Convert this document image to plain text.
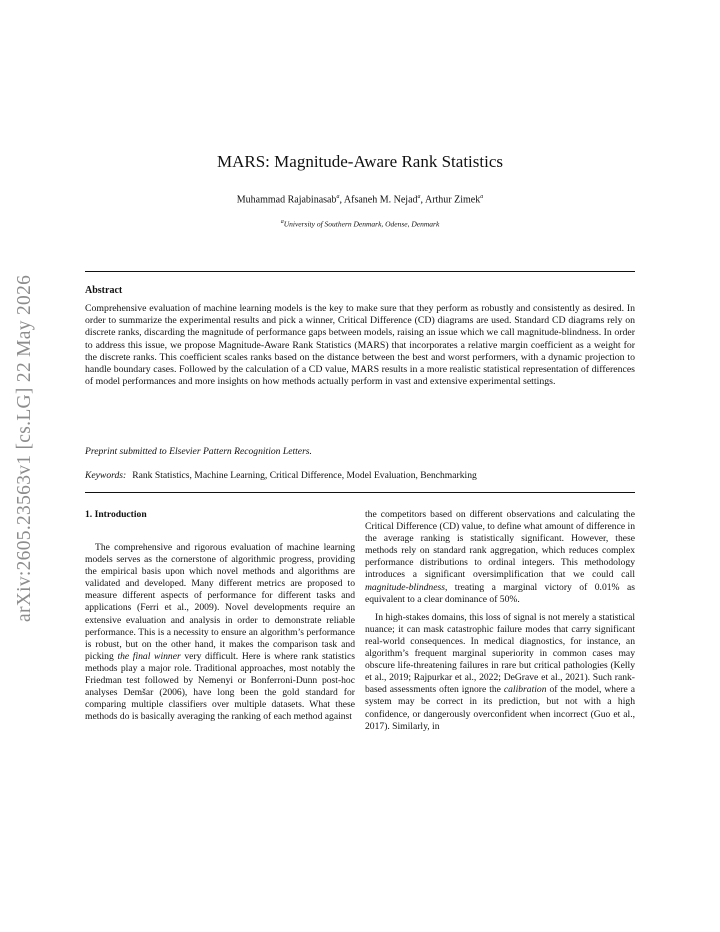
arXiv:2605.23563v1 [cs.LG] 22 May 2026
MARS: Magnitude-Aware Rank Statistics
Muhammad Rajabinasab$^a$, Afsaneh M. Nejad$^a$, Arthur Zimek$^a$
$^a$University of Southern Denmark, Odense, Denmark
Abstract
Comprehensive evaluation of machine learning models is the key to make sure that they perform as robustly and consistently as desired. In order to summarize the experimental results and pick a winner, Critical Difference (CD) diagrams are used. Standard CD diagrams rely on discrete ranks, discarding the magnitude of performance gaps between models, raising an issue which we call magnitude-blindness. In order to address this issue, we propose Magnitude-Aware Rank Statistics (MARS) that incorporates a relative margin coefficient as a weight for the discrete ranks. This coefficient scales ranks based on the distance between the best and worst performers, with a dynamic projection to handle boundary cases. Followed by the calculation of a CD value, MARS results in a more realistic statistical representation of differences of model performances and more insights on how methods actually perform in vast and extensive experimental settings.
Preprint submitted to Elsevier Pattern Recognition Letters.
Keywords: Rank Statistics, Machine Learning, Critical Difference, Model Evaluation, Benchmarking
1. Introduction

The comprehensive and rigorous evaluation of machine learning models serves as the cornerstone of algorithmic progress, providing the empirical basis upon which novel methods and algorithms are validated and developed. Many different metrics are proposed to measure different aspects of performance for different tasks and applications (Ferri et al., 2009). Novel developments require an extensive evaluation and analysis in order to demonstrate reliable performance. This is a necessity to ensure an algorithm’s performance is robust, but on the other hand, it makes the comparison task and picking the final winner very difficult. Here is where rank statistics methods play a major role. Traditional approaches, most notably the Friedman test followed by Nemenyi or Bonferroni-Dunn post-hoc analyses Demšar (2006), have long been the gold standard for comparing multiple classifiers over multiple datasets. What these methods do is basically averaging the ranking of each method against

the competitors based on different observations and calculating the Critical Difference (CD) value, to define what amount of difference in the average ranking is statistically significant. However, these methods rely on standard rank aggregation, which reduces complex performance distributions to ordinal integers. This methodology introduces a significant oversimplification that we could call magnitude-blindness, treating a marginal victory of 0.01% as equivalent to a clear dominance of 50%.

In high-stakes domains, this loss of signal is not merely a statistical nuance; it can mask catastrophic failure modes that carry significant real-world consequences. In medical diagnostics, for instance, an algorithm’s frequent marginal superiority in common cases may obscure life-threatening failures in rare but critical pathologies (Kelly et al., 2019; Rajpurkar et al., 2022; DeGrave et al., 2021). Such rank-based assessments often ignore the calibration of the model, where a system may be correct in its prediction, but not with a high confidence, or dangerously overconfident when incorrect (Guo et al., 2017). Similarly, in
